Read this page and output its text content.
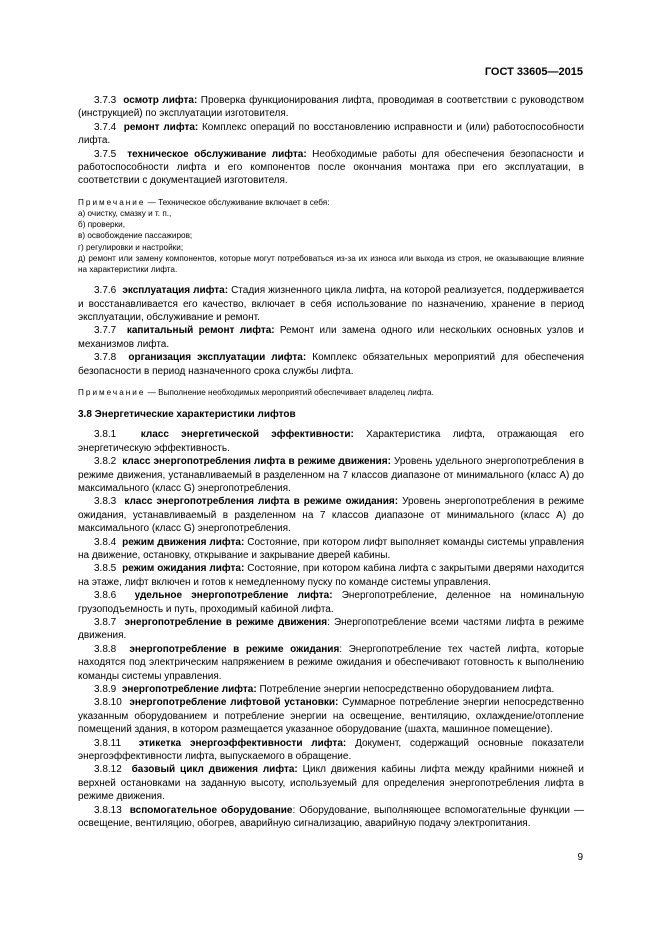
ГОСТ 33605—2015

3.7.3 осмотр лифта: Проверка функционирования лифта, проводимая в соответствии с руководством (инструкцией) по эксплуатации изготовителя.

3.7.4 ремонт лифта: Комплекс операций по восстановлению исправности и (или) работоспособности лифта.

3.7.5 техническое обслуживание лифта: Необходимые работы для обеспечения безопасности и работоспособности лифта и его компонентов после окончания монтажа при его эксплуатации, в соответствии с документацией изготовителя.

Примечание — Техническое обслуживание включает в себя:
а) очистку, смазку и т. п.,
б) проверки,
в) освобождение пассажиров;
г) регулировки и настройки;
д) ремонт или замену компонентов, которые могут потребоваться из-за их износа или выхода из строя, не оказывающие влияние на характеристики лифта.

3.7.6 эксплуатация лифта: Стадия жизненного цикла лифта, на которой реализуется, поддерживается и восстанавливается его качество, включает в себя использование по назначению, хранение в период эксплуатации, обслуживание и ремонт.

3.7.7 капитальный ремонт лифта: Ремонт или замена одного или нескольких основных узлов и механизмов лифта.

3.7.8 организация эксплуатации лифта: Комплекс обязательных мероприятий для обеспечения безопасности в период назначенного срока службы лифта.

Примечание — Выполнение необходимых мероприятий обеспечивает владелец лифта.
3.8 Энергетические характеристики лифтов

3.8.1 класс энергетической эффективности: Характеристика лифта, отражающая его энергетическую эффективность.

3.8.2 класс энергопотребления лифта в режиме движения: Уровень удельного энергопотребления в режиме движения, устанавливаемый в разделенном на 7 классов диапазоне от минимального (класс А) до максимального (класс G) энергопотребления.

3.8.3 класс энергопотребления лифта в режиме ожидания: Уровень энергопотребления в режиме ожидания, устанавливаемый в разделенном на 7 классов диапазоне от минимального (класс А) до максимального (класс G) энергопотребления.

3.8.4 режим движения лифта: Состояние, при котором лифт выполняет команды системы управления на движение, остановку, открывание и закрывание дверей кабины.

3.8.5 режим ожидания лифта: Состояние, при котором кабина лифта с закрытыми дверями находится на этаже, лифт включен и готов к немедленному пуску по команде системы управления.

3.8.6 удельное энергопотребление лифта: Энергопотребление, деленное на номинальную грузоподъемность и путь, проходимый кабиной лифта.

3.8.7 энергопотребление в режиме движения: Энергопотребление всеми частями лифта в режиме движения.

3.8.8 энергопотребление в режиме ожидания: Энергопотребление тех частей лифта, которые находятся под электрическим напряжением в режиме ожидания и обеспечивают готовность к выполнению команды системы управления.

3.8.9 энергопотребление лифта: Потребление энергии непосредственно оборудованием лифта.

3.8.10 энергопотребление лифтовой установки: Суммарное потребление энергии непосредственно указанным оборудованием и потребление энергии на освещение, вентиляцию, охлаждение/отопление помещений здания, в котором размещается указанное оборудование (шахта, машинное помещение).

3.8.11 этикетка энергоэффективности лифта: Документ, содержащий основные показатели энергоэффективности лифта, выпускаемого в обращение.

3.8.12 базовый цикл движения лифта: Цикл движения кабины лифта между крайними нижней и верхней остановками на заданную высоту, используемый для определения энергопотребления лифта в режиме движения.

3.8.13 вспомогательное оборудование: Оборудование, выполняющее вспомогательные функции — освещение, вентиляцию, обогрев, аварийную сигнализацию, аварийную подачу электропитания.

9
